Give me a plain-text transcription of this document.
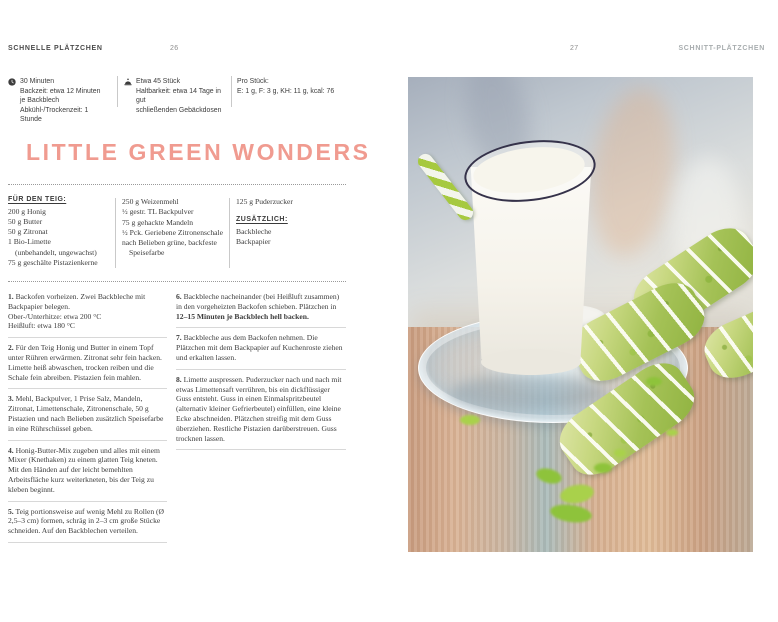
SCHNELLE PLÄTZCHEN	26	27	SCHNITT-PLÄTZCHEN

30 Minuten

Backzeit: etwa 12 Minuten

je Backblech

Abkühl-/Trockenzeit: 1 Stunde

Etwa 45 Stück

Haltbarkeit: etwa 14 Tage in gut

schließenden Gebäckdosen

Pro Stück:

E: 1 g, F: 3 g, KH: 11 g, kcal: 76

LITTLE GREEN WONDERS

FÜR DEN TEIG:

200 g Honig

50 g Butter

50 g Zitronat

1 Bio-Limette

(unbehandelt, ungewachst)

75 g geschälte Pistazienkerne

250 g Weizenmehl

½ gestr. TL Backpulver

75 g gehackte Mandeln

½ Pck. Geriebene Zitronenschale

nach Belieben grüne, backfeste

Speisefarbe

125 g Puderzucker

ZUSÄTZLICH:

Backbleche

Backpapier

1. Backofen vorheizen. Zwei Backbleche mit Backpapier belegen.

Ober-/Unterhitze: etwa 200 °C

Heißluft: etwa 180 °C

2. Für den Teig Honig und Butter in einem Topf unter Rühren erwärmen. Zitronat sehr fein hacken. Limette heiß abwaschen, trocken reiben und die Schale fein abreiben. Pistazien fein mahlen.

3. Mehl, Backpulver, 1 Prise Salz, Mandeln, Zitronat, Limettenschale, Zitronenschale, 50 g Pistazien und nach Belieben zusätzlich Speisefarbe in eine Rührschüssel geben.

4. Honig-Butter-Mix zugeben und alles mit einem Mixer (Knethaken) zu einem glatten Teig kneten. Mit den Händen auf der leicht bemehlten Arbeitsfläche kurz weiterkneten, bis der Teig zu kleben beginnt.

5. Teig portionsweise auf wenig Mehl zu Rollen (Ø 2,5–3 cm) formen, schräg in 2–3 cm große Stücke schneiden. Auf den Backblechen verteilen.

6. Backbleche nacheinander (bei Heißluft zusammen) in den vorgeheizten Backofen schieben. Plätzchen in 12–15 Minuten je Backblech hell backen.

7. Backbleche aus dem Backofen nehmen. Die Plätzchen mit dem Backpapier auf Kuchenroste ziehen und erkalten lassen.

8. Limette auspressen. Puderzucker nach und nach mit etwas Limettensaft verrühren, bis ein dickflüssiger Guss entsteht. Guss in einen Einmalspritzbeutel (alternativ kleiner Gefrierbeutel) einfüllen, eine kleine Ecke abschneiden. Plätzchen streifig mit dem Guss überziehen. Restliche Pistazien darüberstreuen. Guss trocknen lassen.
